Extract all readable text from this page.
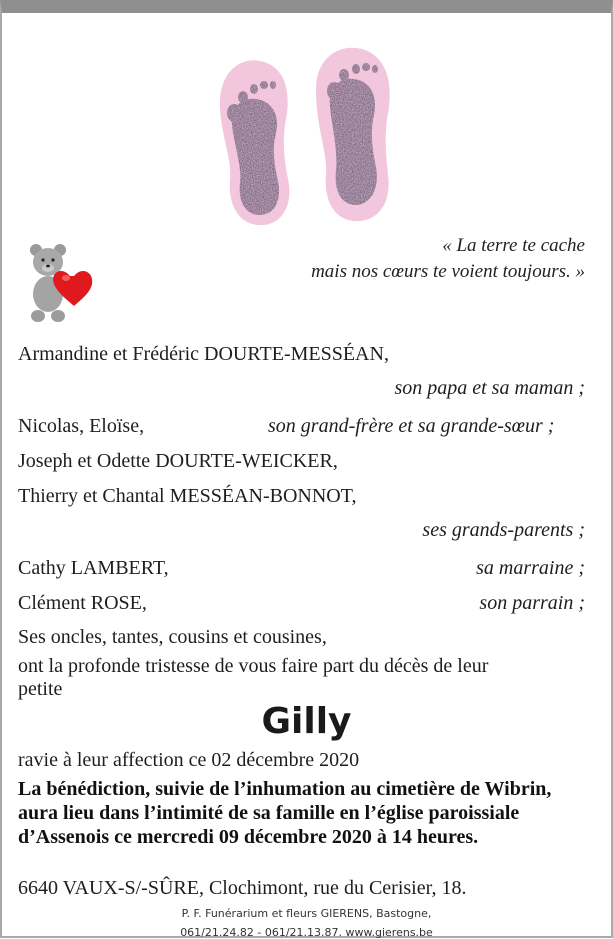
« La terre te cache
mais nos cœurs te voient toujours. »
Armandine et Frédéric DOURTE-MESSÉAN,
son papa et sa maman ;
Nicolas, Eloïse,	son grand-frère et sa grande-sœur ;
Joseph et Odette DOURTE-WEICKER,
Thierry et Chantal MESSÉAN-BONNOT,
ses grands-parents ;
Cathy LAMBERT,	sa marraine ;
Clément ROSE,	son parrain ;
Ses oncles, tantes, cousins et cousines,
ont la profonde tristesse de vous faire part du décès de leur
petite
Gilly
ravie à leur affection ce 02 décembre 2020
La bénédiction, suivie de l’inhumation au cimetière de Wibrin, aura lieu dans l’intimité de sa famille en l’église paroissiale d’Assenois ce mercredi 09 décembre 2020 à 14 heures.
6640 VAUX-S/-SÛRE, Clochimont, rue du Cerisier, 18.
P. F. Funérarium et fleurs GIERENS, Bastogne,
061/21.24.82 - 061/21.13.87. www.gierens.be
